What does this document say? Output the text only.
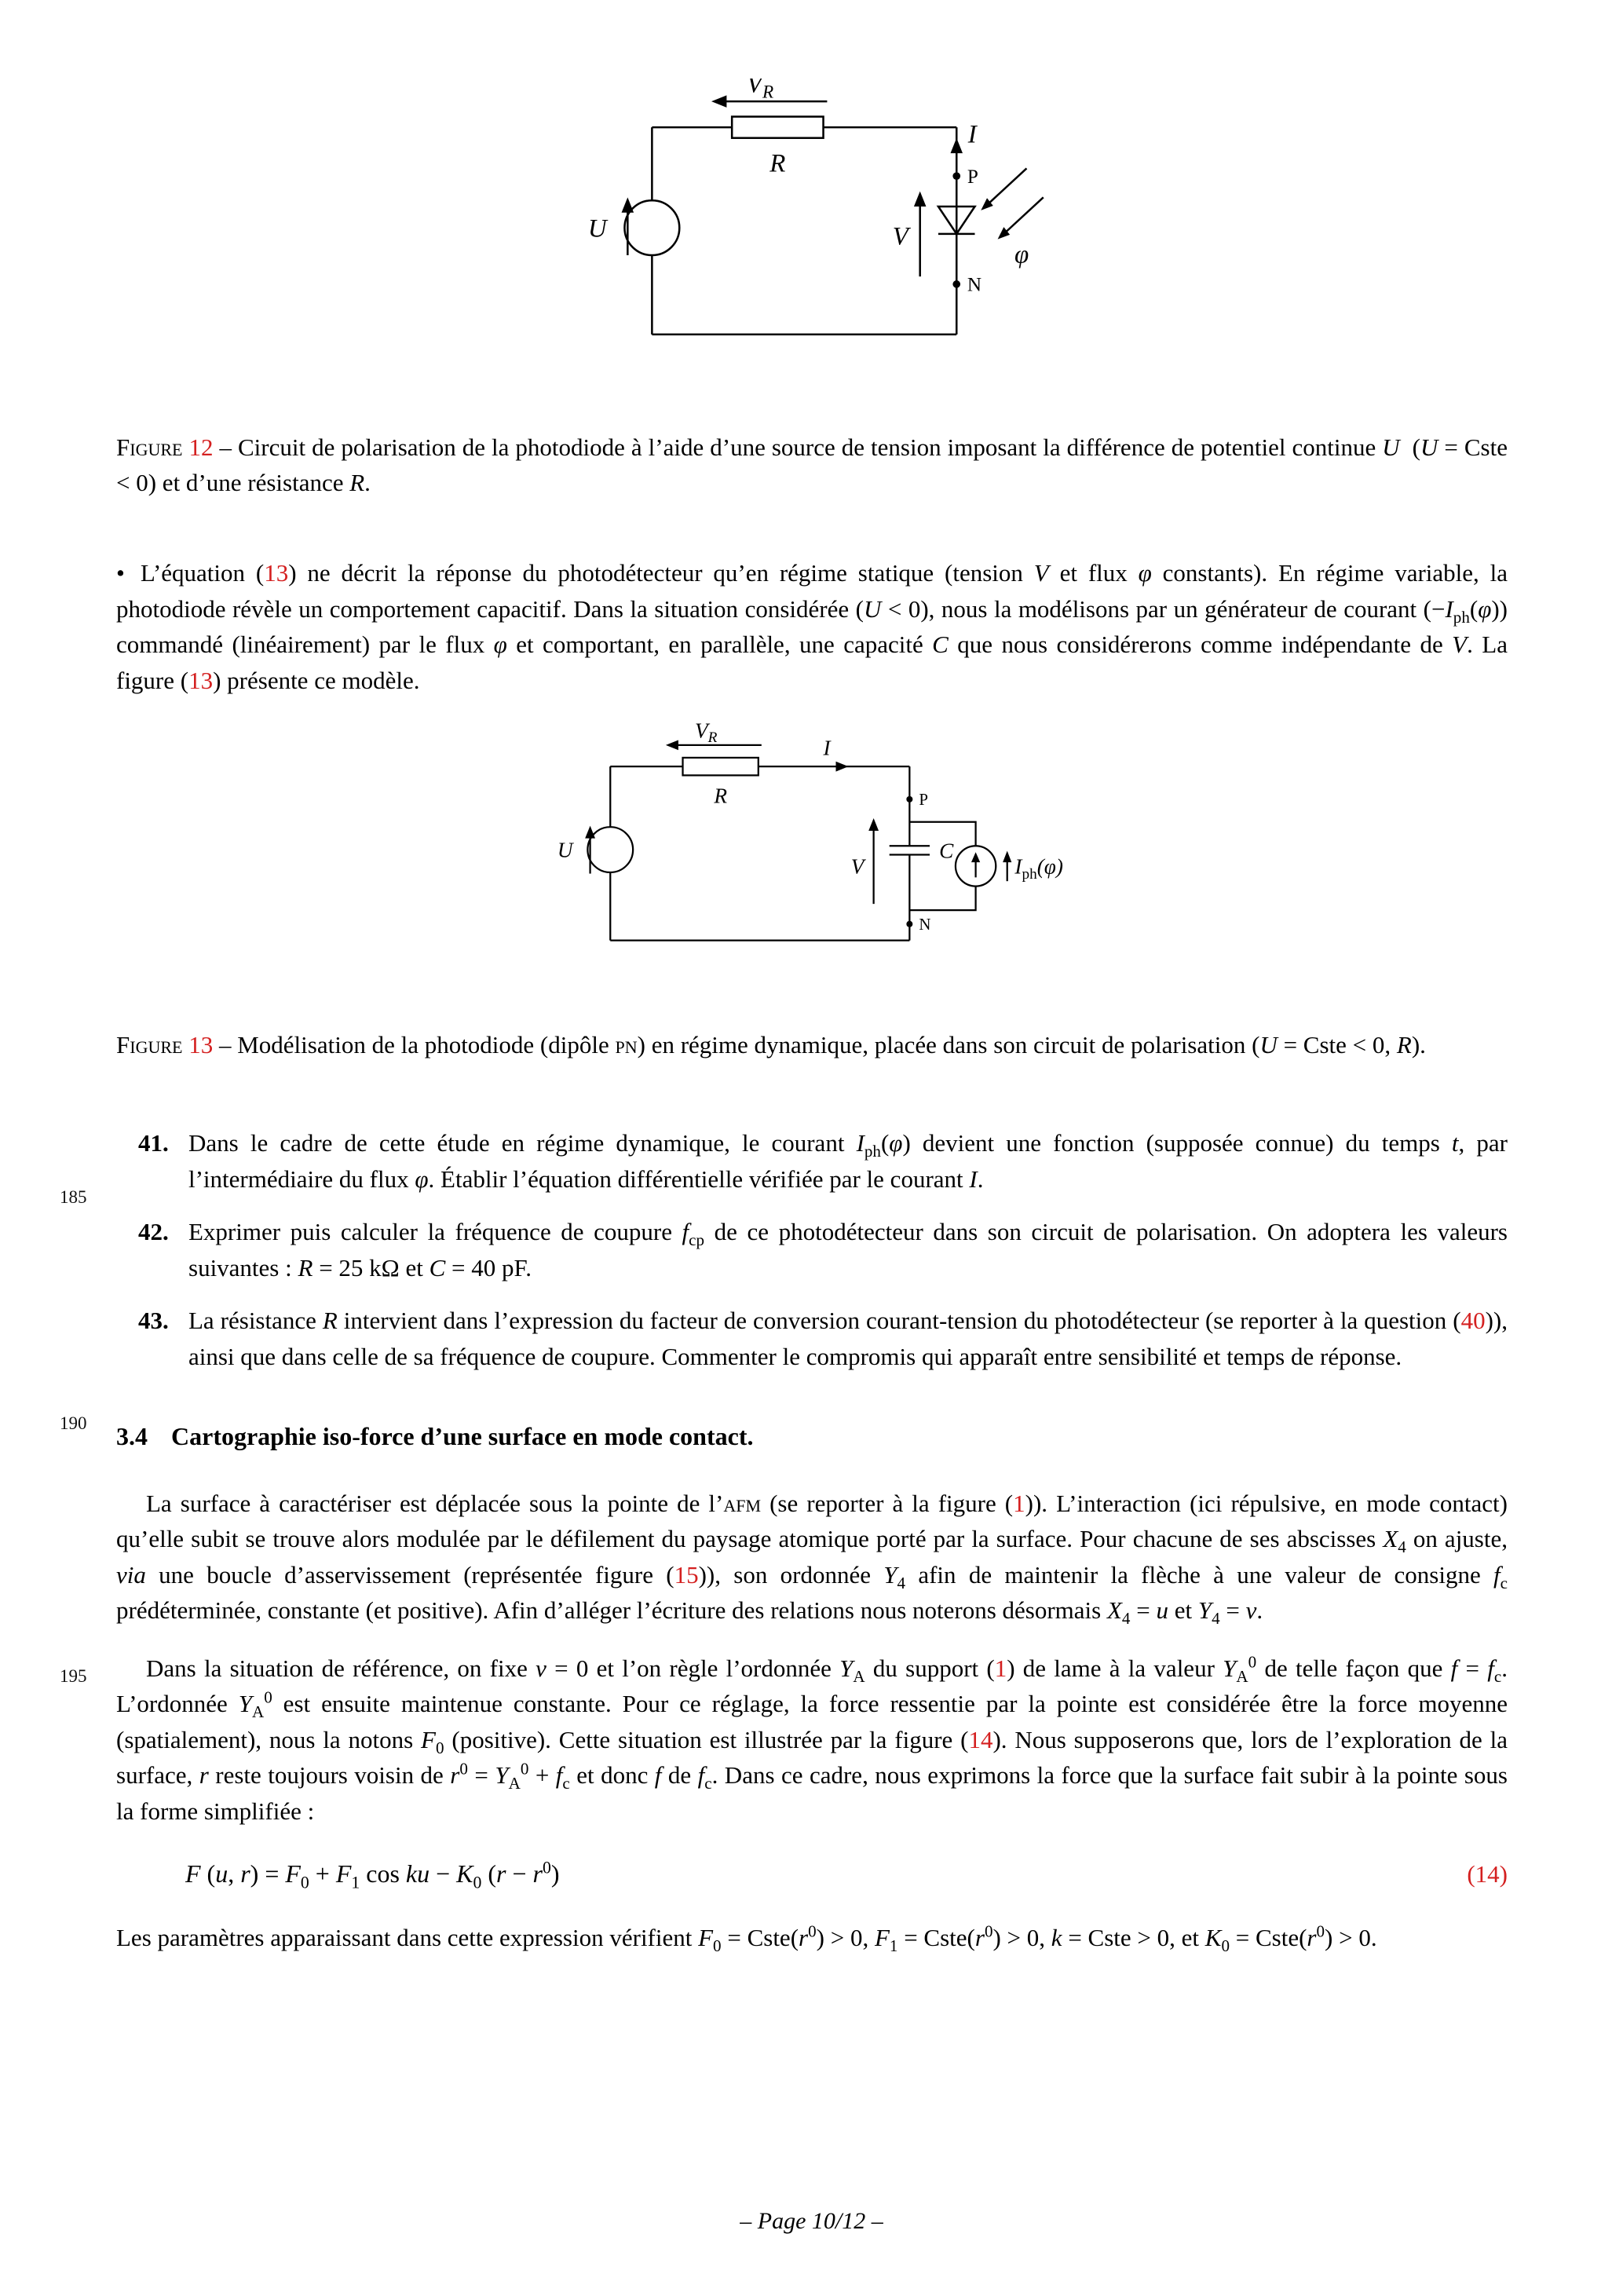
185
190
195
$V_R$
R
I
V
U
φ
P
N

Figure 12 – Circuit de polarisation de la photodiode à l’aide d’une source de tension imposant la différence de potentiel continue U  (U = Cste < 0) et d’une résistance R.

• L’équation (13) ne décrit la réponse du photodétecteur qu’en régime statique (tension V et flux φ constants). En régime variable, la photodiode révèle un comportement capacitif. Dans la situation considérée (U < 0), nous la modélisons par un générateur de courant $(-I_{ph}(\varphi))$ commandé (linéairement) par le flux φ et comportant, en parallèle, une capacité C que nous considérerons comme indépendante de V. La figure (13) présente ce modèle.

$V_R$
R
I
C
V
U
$I_{ph}(\varphi)$
P
N

Figure 13 – Modélisation de la photodiode (dipôle pn) en régime dynamique, placée dans son circuit de polarisation (U = Cste < 0, R).

41. Dans le cadre de cette étude en régime dynamique, le courant $I_{ph}(\varphi)$ devient une fonction (supposée connue) du temps t, par l’intermédiaire du flux φ. Établir l’équation différentielle vérifiée par le courant I.
42. Exprimer puis calculer la fréquence de coupure $f_{cp}$ de ce photodétecteur dans son circuit de polarisation. On adoptera les valeurs suivantes : R = 25 kΩ et C = 40 pF.
43. La résistance R intervient dans l’expression du facteur de conversion courant-tension du photodétecteur (se reporter à la question (40)), ainsi que dans celle de sa fréquence de coupure. Commenter le compromis qui apparaît entre sensibilité et temps de réponse.
3.4 Cartographie iso-force d’une surface en mode contact.

La surface à caractériser est déplacée sous la pointe de l’afm (se reporter à la figure (1)). L’interaction (ici répulsive, en mode contact) qu’elle subit se trouve alors modulée par le défilement du paysage atomique porté par la surface. Pour chacune de ses abscisses $X_4$ on ajuste, via une boucle d’asservissement (représentée figure (15)), son ordonnée $Y_4$ afin de maintenir la flèche à une valeur de consigne $f_c$ prédéterminée, constante (et positive). Afin d’alléger l’écriture des relations nous noterons désormais $X_4 = u$ et $Y_4 = v$.

Dans la situation de référence, on fixe v = 0 et l’on règle l’ordonnée $Y_A$ du support (1) de lame à la valeur $Y_A^0$ de telle façon que $f = f_c$. L’ordonnée $Y_A^0$ est ensuite maintenue constante. Pour ce réglage, la force ressentie par la pointe est considérée être la force moyenne (spatialement), nous la notons $F_0$ (positive). Cette situation est illustrée par la figure (14). Nous supposerons que, lors de l’exploration de la surface, r reste toujours voisin de $r^0 = Y_A^0 + f_c$ et donc f de $f_c$. Dans ce cadre, nous exprimons la force que la surface fait subir à la pointe sous la forme simplifiée :

F (u, $r) = F_0 + F_1$ cos ku − $K_0$ $(r - r^0)$	(14)

Les paramètres apparaissant dans cette expression vérifient $F_0$ = $Cste(r^0) > 0$, $F_1$ = $Cste(r^0) > 0$, k = Cste > 0, et $K_0$ = $Cste(r^0) > 0$.

– Page 10/12 –
